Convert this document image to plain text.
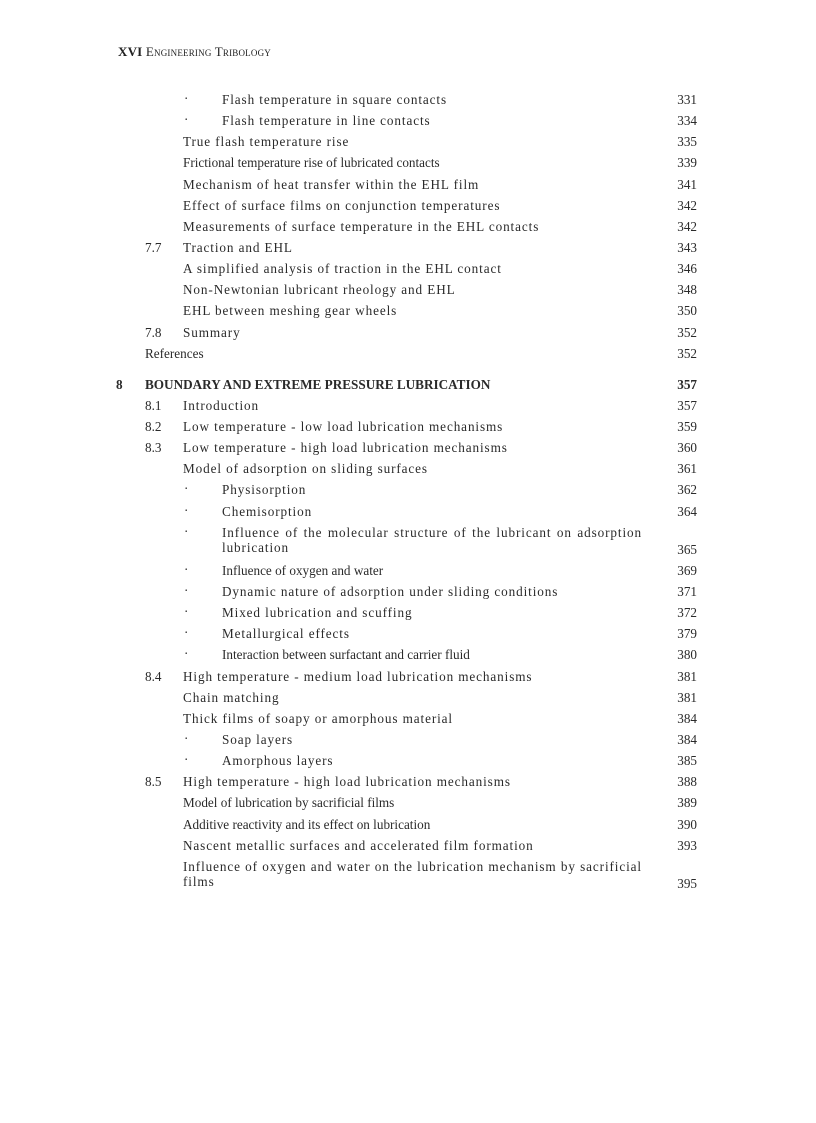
XVI Engineering Tribology
·	Flash temperature in square contacts	331
·	Flash temperature in line contacts	334
True flash temperature rise	335
Frictional temperature rise of lubricated contacts	339
Mechanism of heat transfer within the EHL film	341
Effect of surface films on conjunction temperatures	342
Measurements of surface temperature in the EHL contacts	342
7.7 Traction and EHL	343
A simplified analysis of traction in the EHL contact	346
Non-Newtonian lubricant rheology and EHL	348
EHL between meshing gear wheels	350
7.8 Summary	352
References	352
8 BOUNDARY AND EXTREME PRESSURE LUBRICATION	357
8.1 Introduction	357
8.2 Low temperature - low load lubrication mechanisms	359
8.3 Low temperature - high load lubrication mechanisms	360
Model of adsorption on sliding surfaces	361
·	Physisorption	362
·	Chemisorption	364
·	Influence of the molecular structure of the lubricant on adsorption lubrication	365
·	Influence of oxygen and water	369
·	Dynamic nature of adsorption under sliding conditions	371
·	Mixed lubrication and scuffing	372
·	Metallurgical effects	379
·	Interaction between surfactant and carrier fluid	380
8.4 High temperature - medium load lubrication mechanisms	381
Chain matching	381
Thick films of soapy or amorphous material	384
·	Soap layers	384
·	Amorphous layers	385
8.5 High temperature - high load lubrication mechanisms	388
Model of lubrication by sacrificial films	389
Additive reactivity and its effect on lubrication	390
Nascent metallic surfaces and accelerated film formation	393
Influence of oxygen and water on the lubrication mechanism by sacrificial films	395
